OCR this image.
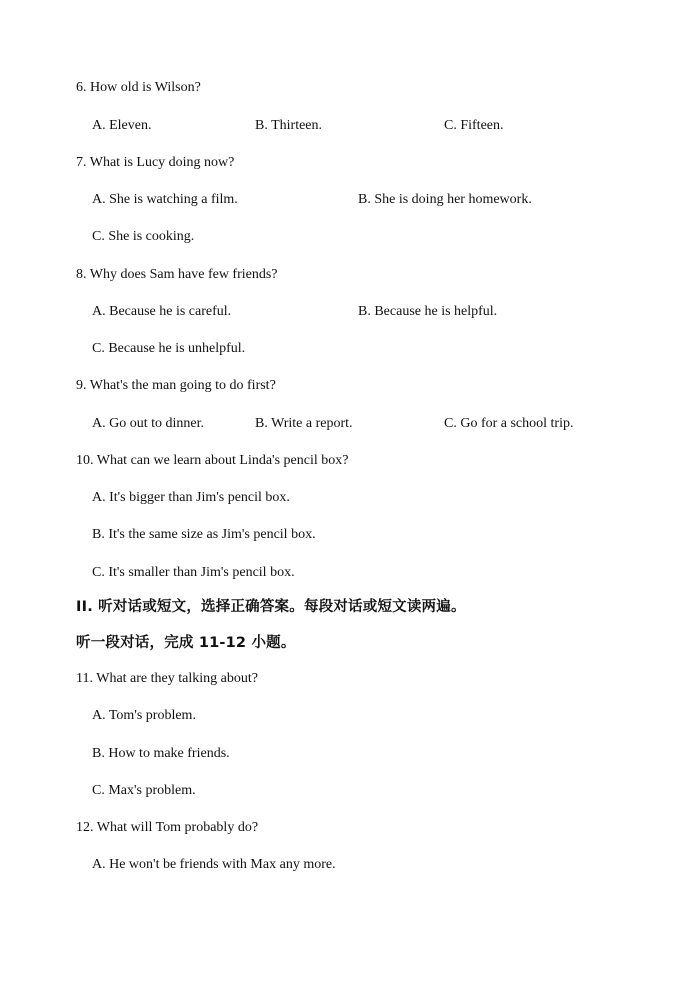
6. How old is Wilson?
A. Eleven.	B. Thirteen.	C. Fifteen.
7. What is Lucy doing now?
A. She is watching a film.	B. She is doing her homework.
C. She is cooking.
8. Why does Sam have few friends?
A. Because he is careful.	B. Because he is helpful.
C. Because he is unhelpful.
9. What's the man going to do first?
A. Go out to dinner.	B. Write a report.	C. Go for a school trip.
10. What can we learn about Linda's pencil box?
A. It's bigger than Jim's pencil box.
B. It's the same size as Jim's pencil box.
C. It's smaller than Jim's pencil box.
II. 听对话或短文，选择正确答案。每段对话或短文读两遍。
听一段对话，完成 11-12 小题。
11. What are they talking about?
A. Tom's problem.
B. How to make friends.
C. Max's problem.
12. What will Tom probably do?
A. He won't be friends with Max any more.
